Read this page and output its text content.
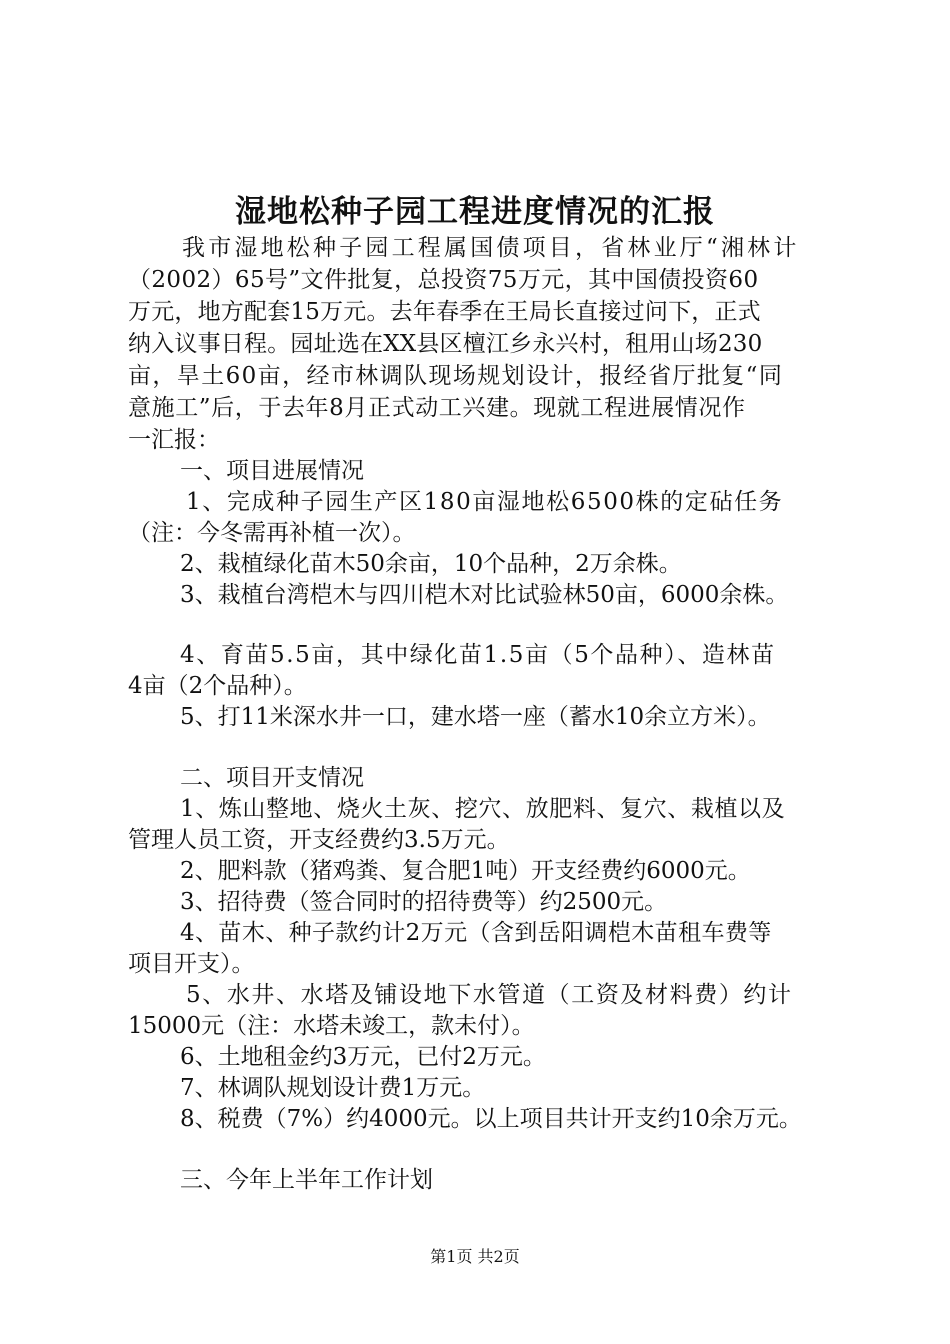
湿地松种子园工程进度情况的汇报
我市湿地松种子园工程属国债项目，省林业厅“湘林计
（2002）65号”文件批复，总投资75万元，其中国债投资60
万元，地方配套15万元。去年春季在王局长直接过问下，正式
纳入议事日程。园址选在XX县区檀江乡永兴村，租用山场230
亩，旱土60亩，经市林调队现场规划设计，报经省厅批复“同
意施工”后，于去年8月正式动工兴建。现就工程进展情况作
一汇报：
一、项目进展情况
1、完成种子园生产区180亩湿地松6500株的定砧任务
（注：今冬需再补植一次）。
2、栽植绿化苗木50余亩，10个品种，2万余株。
3、栽植台湾桤木与四川桤木对比试验林50亩，6000余株。
4、育苗5.5亩，其中绿化苗1.5亩（5个品种）、造林苗
4亩（2个品种）。
5、打11米深水井一口，建水塔一座（蓄水10余立方米）。
二、项目开支情况
1、炼山整地、烧火土灰、挖穴、放肥料、复穴、栽植以及
管理人员工资，开支经费约3.5万元。
2、肥料款（猪鸡粪、复合肥1吨）开支经费约6000元。
3、招待费（签合同时的招待费等）约2500元。
4、苗木、种子款约计2万元（含到岳阳调桤木苗租车费等
项目开支）。
5、水井、水塔及铺设地下水管道（工资及材料费）约计
15000元（注：水塔未竣工，款未付）。
6、土地租金约3万元，已付2万元。
7、林调队规划设计费1万元。
8、税费（7%）约4000元。以上项目共计开支约10余万元。
三、今年上半年工作计划
第1页 共2页
